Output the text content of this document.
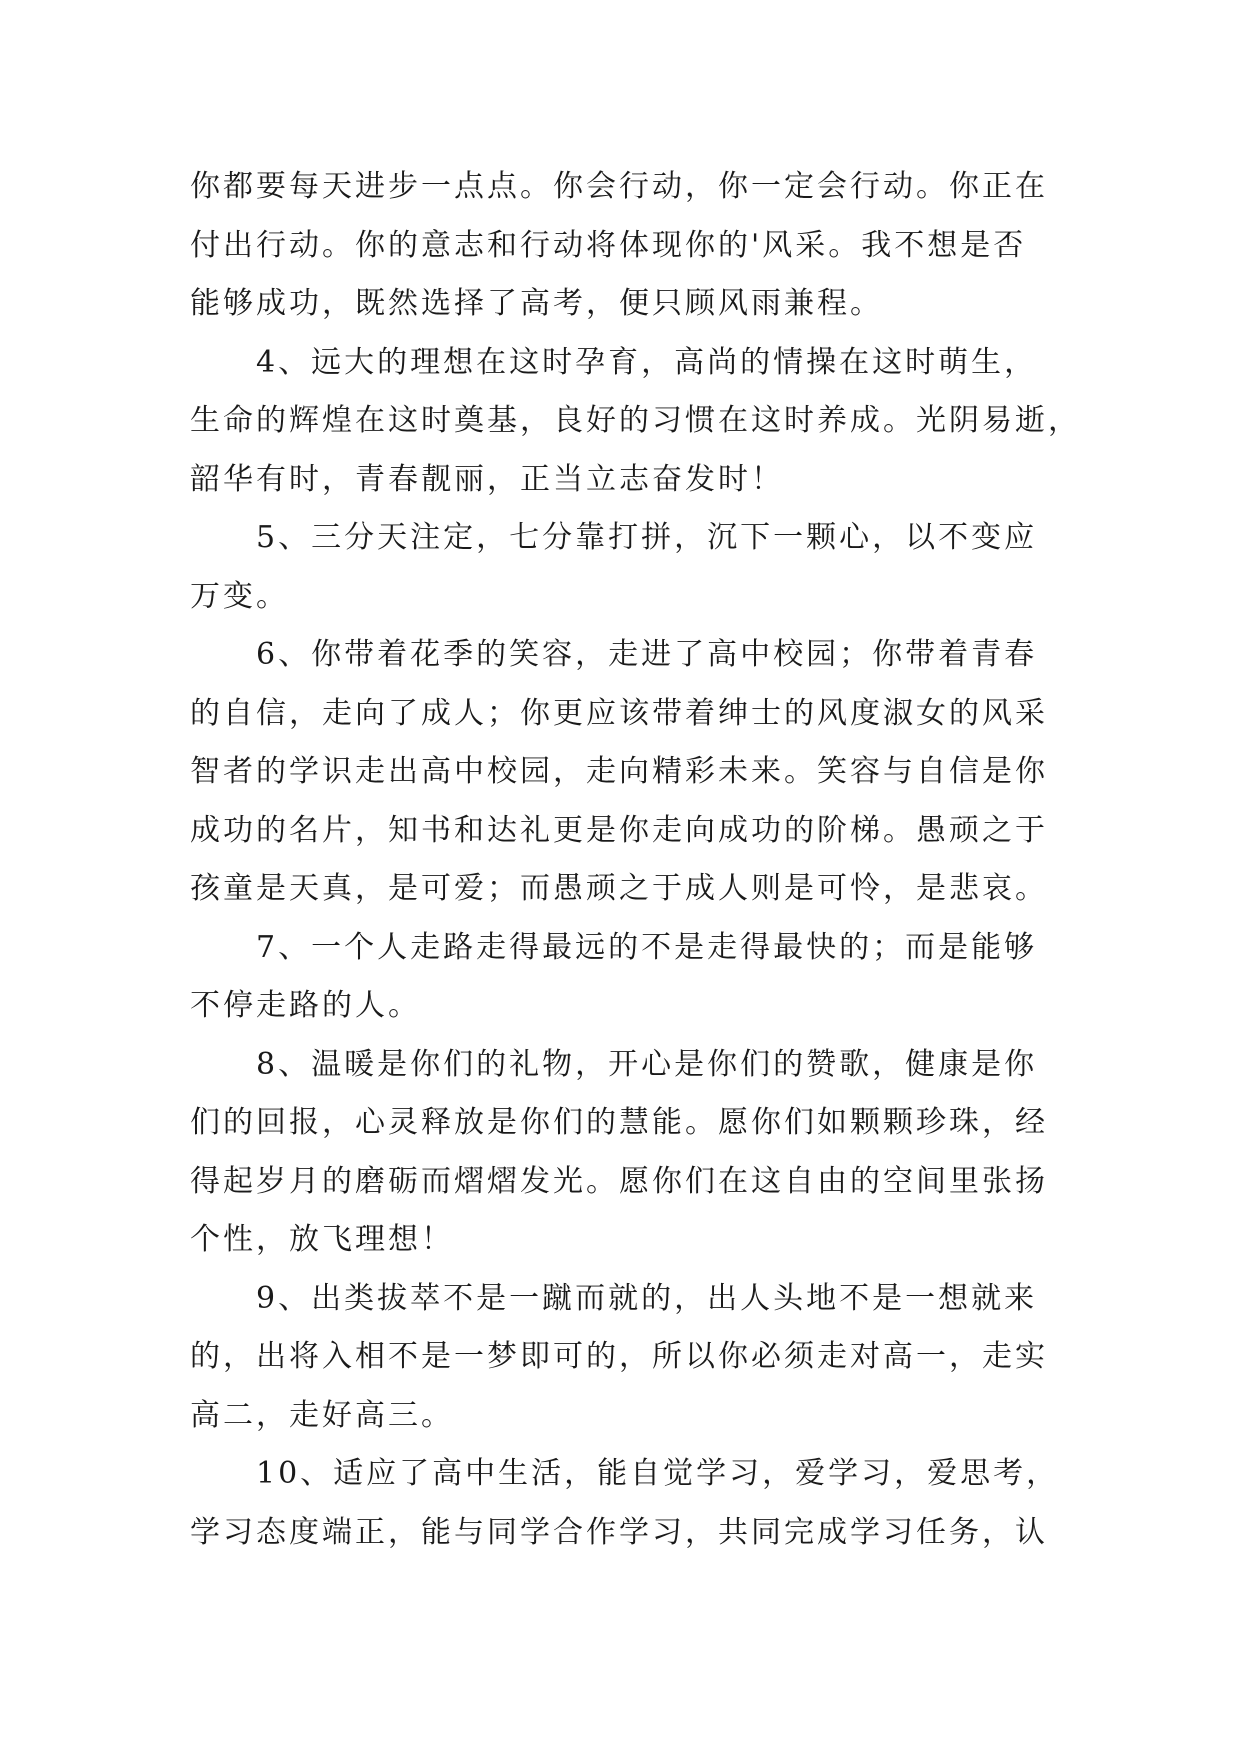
你都要每天进步一点点。你会行动，你一定会行动。你正在
付出行动。你的意志和行动将体现你的'风采。我不想是否
能够成功，既然选择了高考，便只顾风雨兼程。
　　4、远大的理想在这时孕育，高尚的情操在这时萌生，
生命的辉煌在这时奠基，良好的习惯在这时养成。光阴易逝，
韶华有时，青春靓丽，正当立志奋发时！
　　5、三分天注定，七分靠打拼，沉下一颗心，以不变应
万变。
　　6、你带着花季的笑容，走进了高中校园；你带着青春
的自信，走向了成人；你更应该带着绅士的风度淑女的风采
智者的学识走出高中校园，走向精彩未来。笑容与自信是你
成功的名片，知书和达礼更是你走向成功的阶梯。愚顽之于
孩童是天真，是可爱；而愚顽之于成人则是可怜，是悲哀。
　　7、一个人走路走得最远的不是走得最快的；而是能够
不停走路的人。
　　8、温暖是你们的礼物，开心是你们的赞歌，健康是你
们的回报，心灵释放是你们的慧能。愿你们如颗颗珍珠，经
得起岁月的磨砺而熠熠发光。愿你们在这自由的空间里张扬
个性，放飞理想！
　　9、出类拔萃不是一蹴而就的，出人头地不是一想就来
的，出将入相不是一梦即可的，所以你必须走对高一，走实
高二，走好高三。
　　10、适应了高中生活，能自觉学习，爱学习，爱思考，
学习态度端正，能与同学合作学习，共同完成学习任务，认
